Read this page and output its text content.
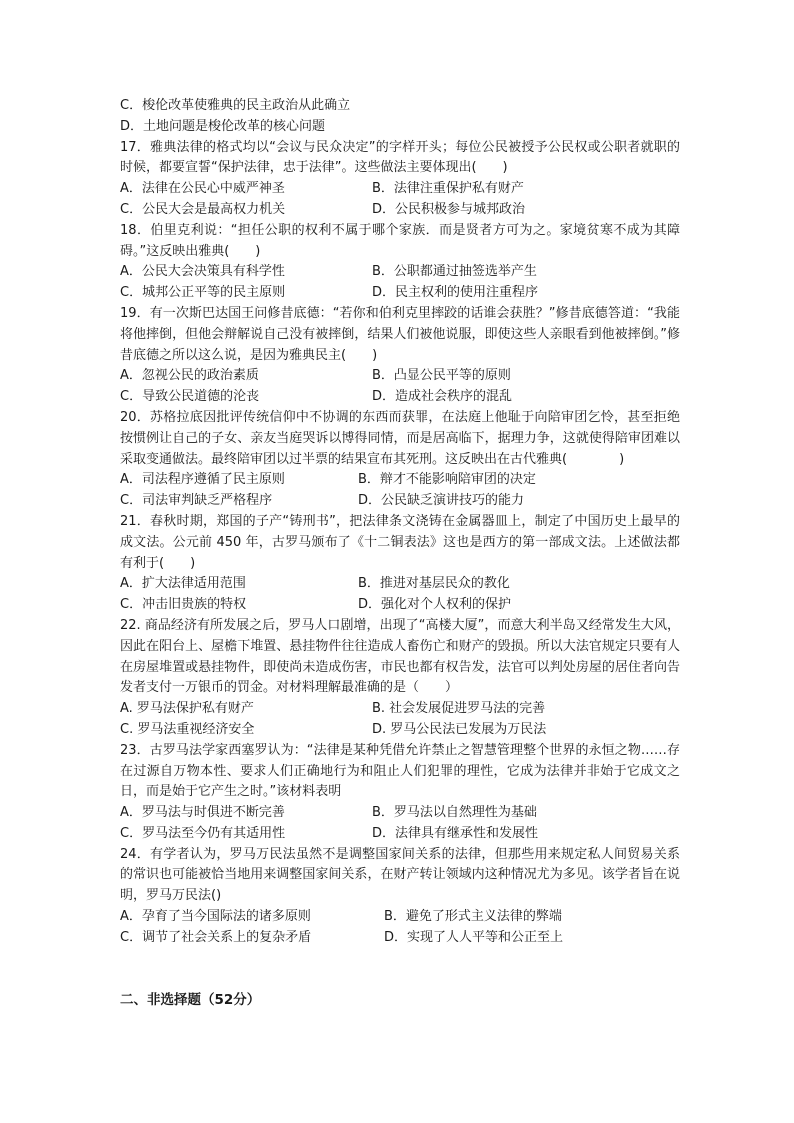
C．梭伦改革使雅典的民主政治从此确立
D．土地问题是梭伦改革的核心问题
17．雅典法律的格式均以“会议与民众决定”的字样开头；每位公民被授予公民权或公职者就职的时候，都要宣誓“保护法律，忠于法律”。这些做法主要体现出(　　)
A．法律在公民心中威严神圣	B．法律注重保护私有财产
C．公民大会是最高权力机关	D．公民积极参与城邦政治
18．伯里克利说：“担任公职的权利不属于哪个家族．而是贤者方可为之。家境贫寒不成为其障碍。”这反映出雅典(　　)
A．公民大会决策具有科学性	B．公职都通过抽签选举产生
C．城邦公正平等的民主原则	D．民主权利的使用注重程序
19．有一次斯巴达国王问修昔底德：“若你和伯利克里摔跤的话谁会获胜？”修昔底德答道：“我能将他摔倒，但他会辩解说自己没有被摔倒，结果人们被他说服，即使这些人亲眼看到他被摔倒。”修昔底德之所以这么说，是因为雅典民主(　　)
A．忽视公民的政治素质	B．凸显公民平等的原则
C．导致公民道德的沦丧	D．造成社会秩序的混乱
20．苏格拉底因批评传统信仰中不协调的东西而获罪，在法庭上他耻于向陪审团乞怜，甚至拒绝按惯例让自己的子女、亲友当庭哭诉以博得同情，而是居高临下，据理力争，这就使得陪审团难以采取变通做法。最终陪审团以过半票的结果宣布其死刑。这反映出在古代雅典(　　　　)
A．司法程序遵循了民主原则	B．辩才不能影响陪审团的决定
C．司法审判缺乏严格程序	D．公民缺乏演讲技巧的能力
21．春秋时期，郑国的子产“铸刑书”，把法律条文浇铸在金属器皿上，制定了中国历史上最早的成文法。公元前 450 年，古罗马颁布了《十二铜表法》这也是西方的第一部成文法。上述做法都有利于(　　)
A．扩大法律适用范围	B．推进对基层民众的教化
C．冲击旧贵族的特权	D．强化对个人权利的保护
22. 商品经济有所发展之后，罗马人口剧增，出现了“高楼大厦”，而意大利半岛又经常发生大风，因此在阳台上、屋檐下堆置、悬挂物件往往造成人畜伤亡和财产的毁损。所以大法官规定只要有人在房屋堆置或悬挂物件，即使尚未造成伤害，市民也都有权告发，法官可以判处房屋的居住者向告发者支付一万银币的罚金。对材料理解最准确的是（　　）
A. 罗马法保护私有财产	B. 社会发展促进罗马法的完善
C. 罗马法重视经济安全	D. 罗马公民法已发展为万民法
23．古罗马法学家西塞罗认为：“法律是某种凭借允许禁止之智慧管理整个世界的永恒之物……存在过源自万物本性、要求人们正确地行为和阻止人们犯罪的理性，它成为法律并非始于它成文之日，而是始于它产生之时。”该材料表明
A．罗马法与时俱进不断完善	B．罗马法以自然理性为基础
C．罗马法至今仍有其适用性	D．法律具有继承性和发展性
24．有学者认为，罗马万民法虽然不是调整国家间关系的法律，但那些用来规定私人间贸易关系的常识也可能被恰当地用来调整国家间关系，在财产转让领域内这种情况尤为多见。该学者旨在说明，罗马万民法()
A．孕育了当今国际法的诸多原则	B．避免了形式主义法律的弊端
C．调节了社会关系上的复杂矛盾	D．实现了人人平等和公正至上
二、非选择题（52分）
